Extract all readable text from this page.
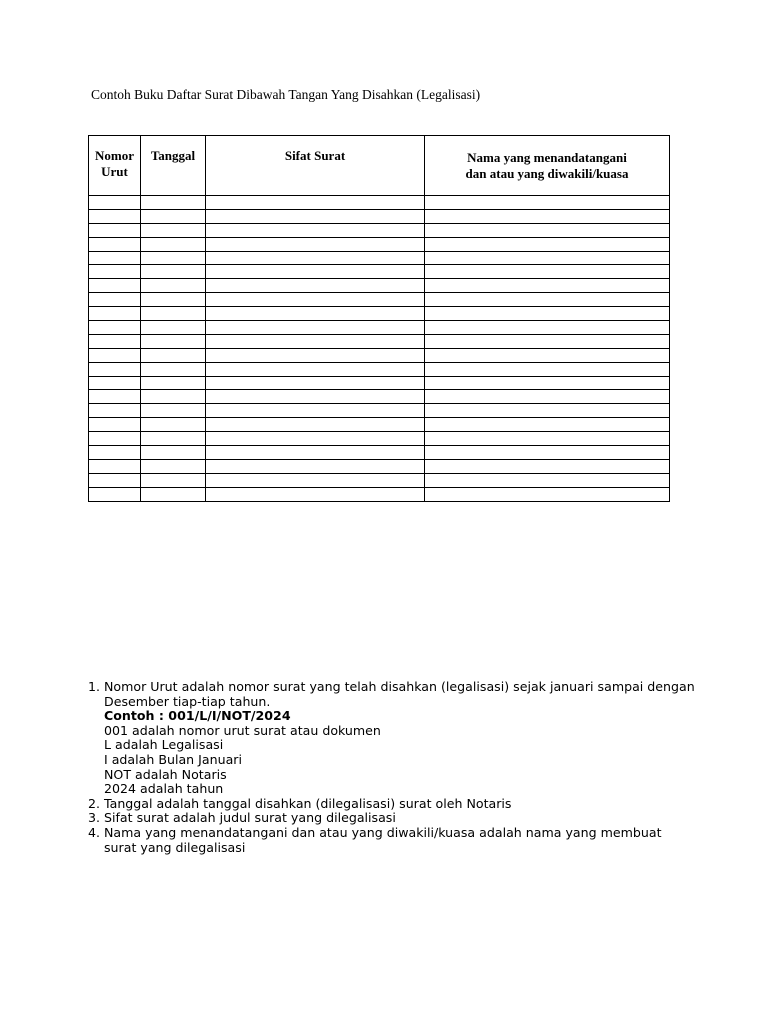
Contoh Buku Daftar Surat Dibawah Tangan Yang Disahkan (Legalisasi)
Nomor
Urut	Tanggal	Sifat Surat	Nama yang menandatangani
dan atau yang diwakili/kuasa

1. Nomor Urut adalah nomor surat yang telah disahkan (legalisasi) sejak januari sampai dengan
Desember tiap-tiap tahun.
Contoh : 001/L/I/NOT/2024
001 adalah nomor urut surat atau dokumen
L adalah Legalisasi
I adalah Bulan Januari
NOT adalah Notaris
2024 adalah tahun
2. Tanggal adalah tanggal disahkan (dilegalisasi) surat oleh Notaris
3. Sifat surat adalah judul surat yang dilegalisasi
4. Nama yang menandatangani dan atau yang diwakili/kuasa adalah nama yang membuat
surat yang dilegalisasi
